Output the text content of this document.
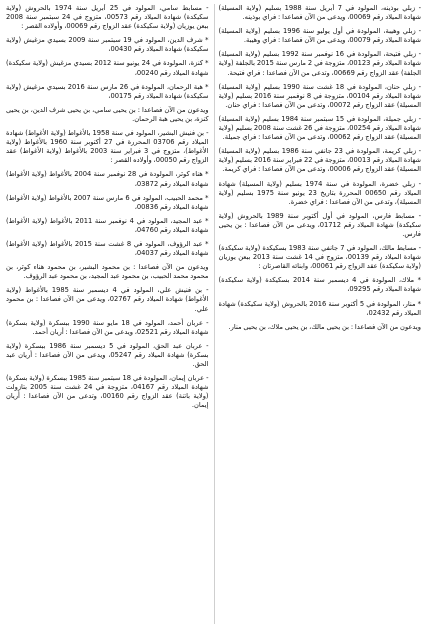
- زبلي بوذينه، المولود في 7 أبريل سنة 1988 بسليم (ولاية المسيلة) شهادة الميلاد رقم 00069، ويدعى من الآن فصاعدا : فراي بوذينه.

- زبلي وهيبة، المولودة في أول يوليو سنة 1996 بسليم (ولاية المسيلة) شهادة الميلاد رقم 00079، ويدعى من الآن فصاعدا : فراي وهيبة.

- زبلي فتيحة، المولودة في 16 نوفمبر سنة 1992 بسليم (ولاية المسيلة) شهادة الميلاد رقم 00123، متزوجة في 2 مارس سنة 2015 بالجلفة (ولاية الجلفة) عقد الزواج رقم 00669، وتدعى من الآن فصاعدا : فراي فتيحة.

- زبلي حنان، المولودة في 18 غشت سنة 1990 بسليم (ولاية المسيلة) شهادة الميلاد رقم 00104، متزوجة في 8 نوفمبر سنة 2016 بسليم (ولاية المسيلة) عقد الزواج رقم 00072، وتدعى من الآن فصاعدا : فراي حنان.

- زبلي جميلة، المولودة في 15 سبتمبر سنة 1984 بسليم (ولاية المسيلة) شهادة الميلاد رقم 00254، متزوجة في 26 غشت سنة 2008 بسليم (ولاية المسيلة) عقد الزواج رقم 00062، وتدعى من الآن فصاعدا : فراي جميلة.

- زبلي كريمة، المولودة في 23 جانفي سنة 1986 بسليم (ولاية المسيلة) شهادة الميلاد رقم 00013، متزوجة في 22 فبراير سنة 2016 بسليم (ولاية المسيلة) عقد الزواج رقم 00006، وتدعى من الآن فصاعدا : فراي كريمة.

- زبلي خضرة، المولودة في سنة 1974 بسليم (ولاية المسيلة) شهادة الميلاد رقم 00650 المحررة بتاريخ 23 يونيو سنة 1975 بسليم (ولاية المسيلة)، وتدعى من الآن فصاعدا : فراي خضرة.

- مسابط فارس، المولود في أول أكتوبر سنة 1989 بالحروش (ولاية سكيكدة) شهادة الميلاد رقم 01712، ويدعى من الآن فصاعدا : بن يحيى فارس.

- مسابط مالك، المولود في 7 جانفي سنة 1983 بسكيكدة (ولاية سكيكدة) شهادة الميلاد رقم 00139، متزوج في 14 غشت سنة 2013 ببعن يوزيان (ولاية سكيكدة) عقد الزواج رقم 00061، وابنائه القاصرتان :

* ملاك، المولودة في 4 ديسمبر سنة 2014 بسكيكدة (ولاية سكيكدة) شهادة الميلاد رقم 09295،

* منار، المولودة في 5 أكتوبر سنة 2016 بالحروش (ولاية سكيكدة) شهادة الميلاد رقم 02432،

ويدعون من الآن فصاعدا : بن يحيى مالك، بن يحيى ملاك، بن يحيى منار.

- مسابط سامي، المولود في 25 أبريل سنة 1974 بالحروش (ولاية سكيكدة) شهادة الميلاد رقم 00573، متزوج في 24 سبتمبر سنة 2008 ببعن يوزيان (ولاية سكيكدة) عقد الزواج رقم 00069، وأولاده القصر :

* شرف الدين، المولود في 19 سبتمبر سنة 2009 بسيدي مزغيش (ولاية سكيكدة) شهادة الميلاد رقم 00430،

* كنزة، المولودة في 24 يونيو سنة 2012 بسيدي مزغيش (ولاية سكيكدة) شهادة الميلاد رقم 00240،

* هبة الرحمان، المولودة في 26 مارس سنة 2016 بسيدي مزغيش (ولاية سكيكدة) شهادة الميلاد رقم 00175،

ويدعون من الآن فصاعدا : بن يحيى سامي، بن يحيى شرف الدين، بن يحيى كنزة، بن يحيى هبة الرحمان.

- بن فنيش البشير، المولود في سنة 1958 بالأغواط (ولاية الأغواط) شهادة الميلاد رقم 03706 المحررة في 27 أكتوبر سنة 1960 بالأغواط (ولاية الأغواط)، متزوج في 3 فبراير سنة 2003 بالأغواط (ولاية الأغواط) عقد الزواج رقم 00050، وأولاده القصر :

* هناء كوثر، المولودة في 28 نوفمبر سنة 2004 بالأغواط (ولاية الأغواط) شهادة الميلاد رقم 03872،

* محمد الحبيب، المولود في 6 مارس سنة 2007 بالأغواط (ولاية الأغواط) شهادة الميلاد رقم 00836،

* عبد المجيد، المولود في 4 نوفمبر سنة 2011 بالأغواط (ولاية الأغواط) شهادة الميلاد رقم 04760،

* عبد الرؤوف، المولود في 8 غشت سنة 2015 بالأغواط (ولاية الأغواط) شهادة الميلاد رقم 04037،

ويدعون من الآن فصاعدا : بن محمود البشير، بن محمود هناء كوثر، بن محمود محمد الحبيب، بن محمود عبد المجيد، بن محمود عبد الرؤوف.

- بن فنيش علي، المولود في 4 ديسمبر سنة 1985 بالأغواط (ولاية الأغواط) شهادة الميلاد رقم 02767، ويدعى من الآن فصاعدا : بن محمود علي.

- عربان أحمد، المولود في 18 مايو سنة 1990 ببسكرة (ولاية بسكرة) شهادة الميلاد رقم 02521، ويدعى من الآن فصاعدا : أريان أحمد.

- عربان عبد الحق، المولود في 5 ديسمبر سنة 1986 ببسكرة (ولاية بسكرة) شهادة الميلاد رقم 05247، ويدعى من الآن فصاعدا : أريان عبد الحق.

- عربان إيمان، المولودة في 18 سبتمبر سنة 1985 ببسكرة (ولاية بسكرة) شهادة الميلاد رقم 04167، متزوجة في 24 غشت سنة 2005 بتازولت (ولاية باتنة) عقد الزواج رقم 00160، وتدعى من الآن فصاعدا : أريان إيمان.
